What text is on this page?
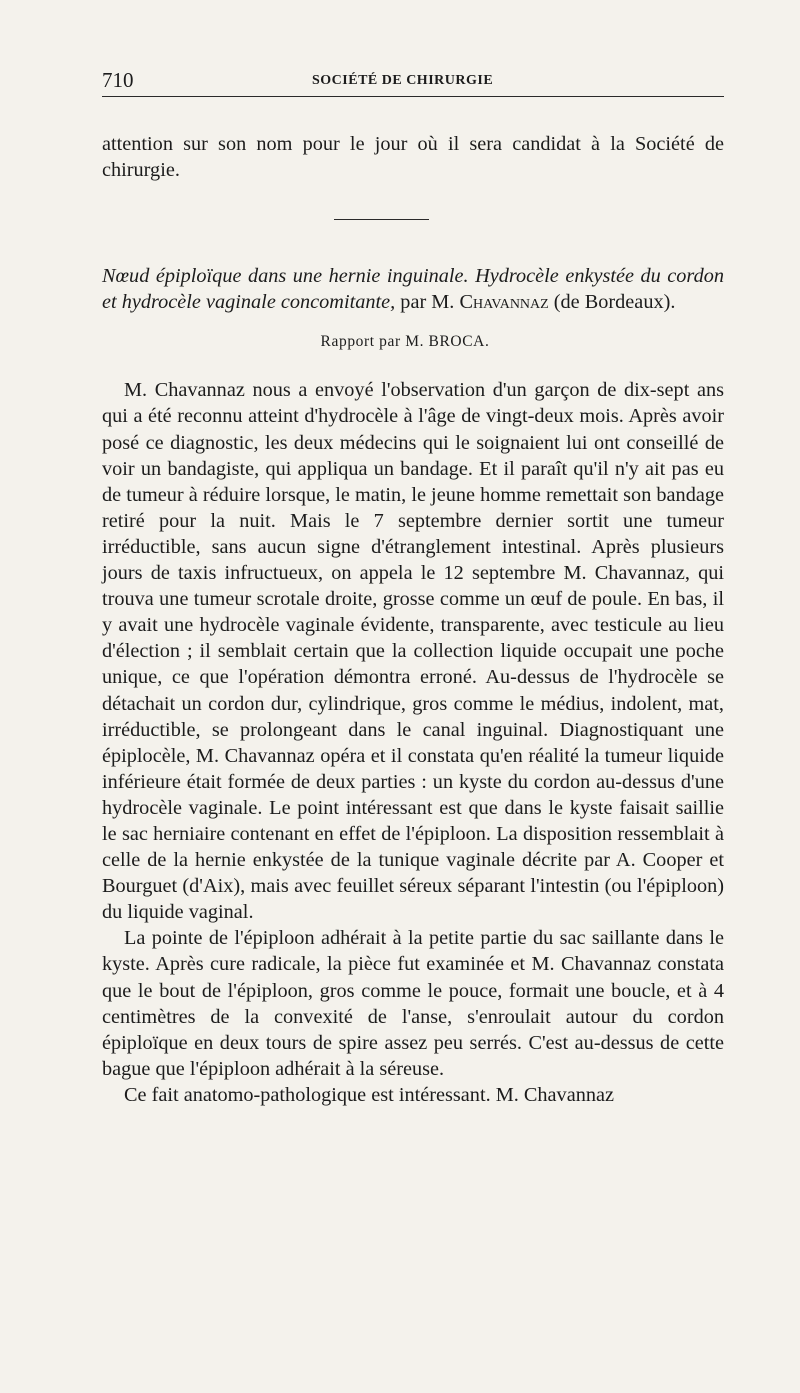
710	SOCIÉTÉ DE CHIRURGIE

attention sur son nom pour le jour où il sera candidat à la Société de chirurgie.

Nœud épiploïque dans une hernie inguinale. Hydrocèle enkystée du cordon et hydrocèle vaginale concomitante, par M. Chavannaz (de Bordeaux).
Rapport par M. BROCA.

M. Chavannaz nous a envoyé l'observation d'un garçon de dix-sept ans qui a été reconnu atteint d'hydrocèle à l'âge de vingt-deux mois. Après avoir posé ce diagnostic, les deux médecins qui le soignaient lui ont conseillé de voir un bandagiste, qui appliqua un bandage. Et il paraît qu'il n'y ait pas eu de tumeur à réduire lorsque, le matin, le jeune homme remettait son bandage retiré pour la nuit. Mais le 7 septembre dernier sortit une tumeur irréductible, sans aucun signe d'étranglement intestinal. Après plusieurs jours de taxis infructueux, on appela le 12 septembre M. Chavannaz, qui trouva une tumeur scrotale droite, grosse comme un œuf de poule. En bas, il y avait une hydrocèle vaginale évidente, transparente, avec testicule au lieu d'élection ; il semblait certain que la collection liquide occupait une poche unique, ce que l'opération démontra erroné. Au-dessus de l'hydrocèle se détachait un cordon dur, cylindrique, gros comme le médius, indolent, mat, irréductible, se prolongeant dans le canal inguinal. Diagnostiquant une épiplocèle, M. Chavannaz opéra et il constata qu'en réalité la tumeur liquide inférieure était formée de deux parties : un kyste du cordon au-dessus d'une hydrocèle vaginale. Le point intéressant est que dans le kyste faisait saillie le sac herniaire contenant en effet de l'épiploon. La disposition ressemblait à celle de la hernie enkystée de la tunique vaginale décrite par A. Cooper et Bourguet (d'Aix), mais avec feuillet séreux séparant l'intestin (ou l'épiploon) du liquide vaginal.

La pointe de l'épiploon adhérait à la petite partie du sac saillante dans le kyste. Après cure radicale, la pièce fut examinée et M. Chavannaz constata que le bout de l'épiploon, gros comme le pouce, formait une boucle, et à 4 centimètres de la convexité de l'anse, s'enroulait autour du cordon épiploïque en deux tours de spire assez peu serrés. C'est au-dessus de cette bague que l'épiploon adhérait à la séreuse.

Ce fait anatomo-pathologique est intéressant. M. Chavannaz
